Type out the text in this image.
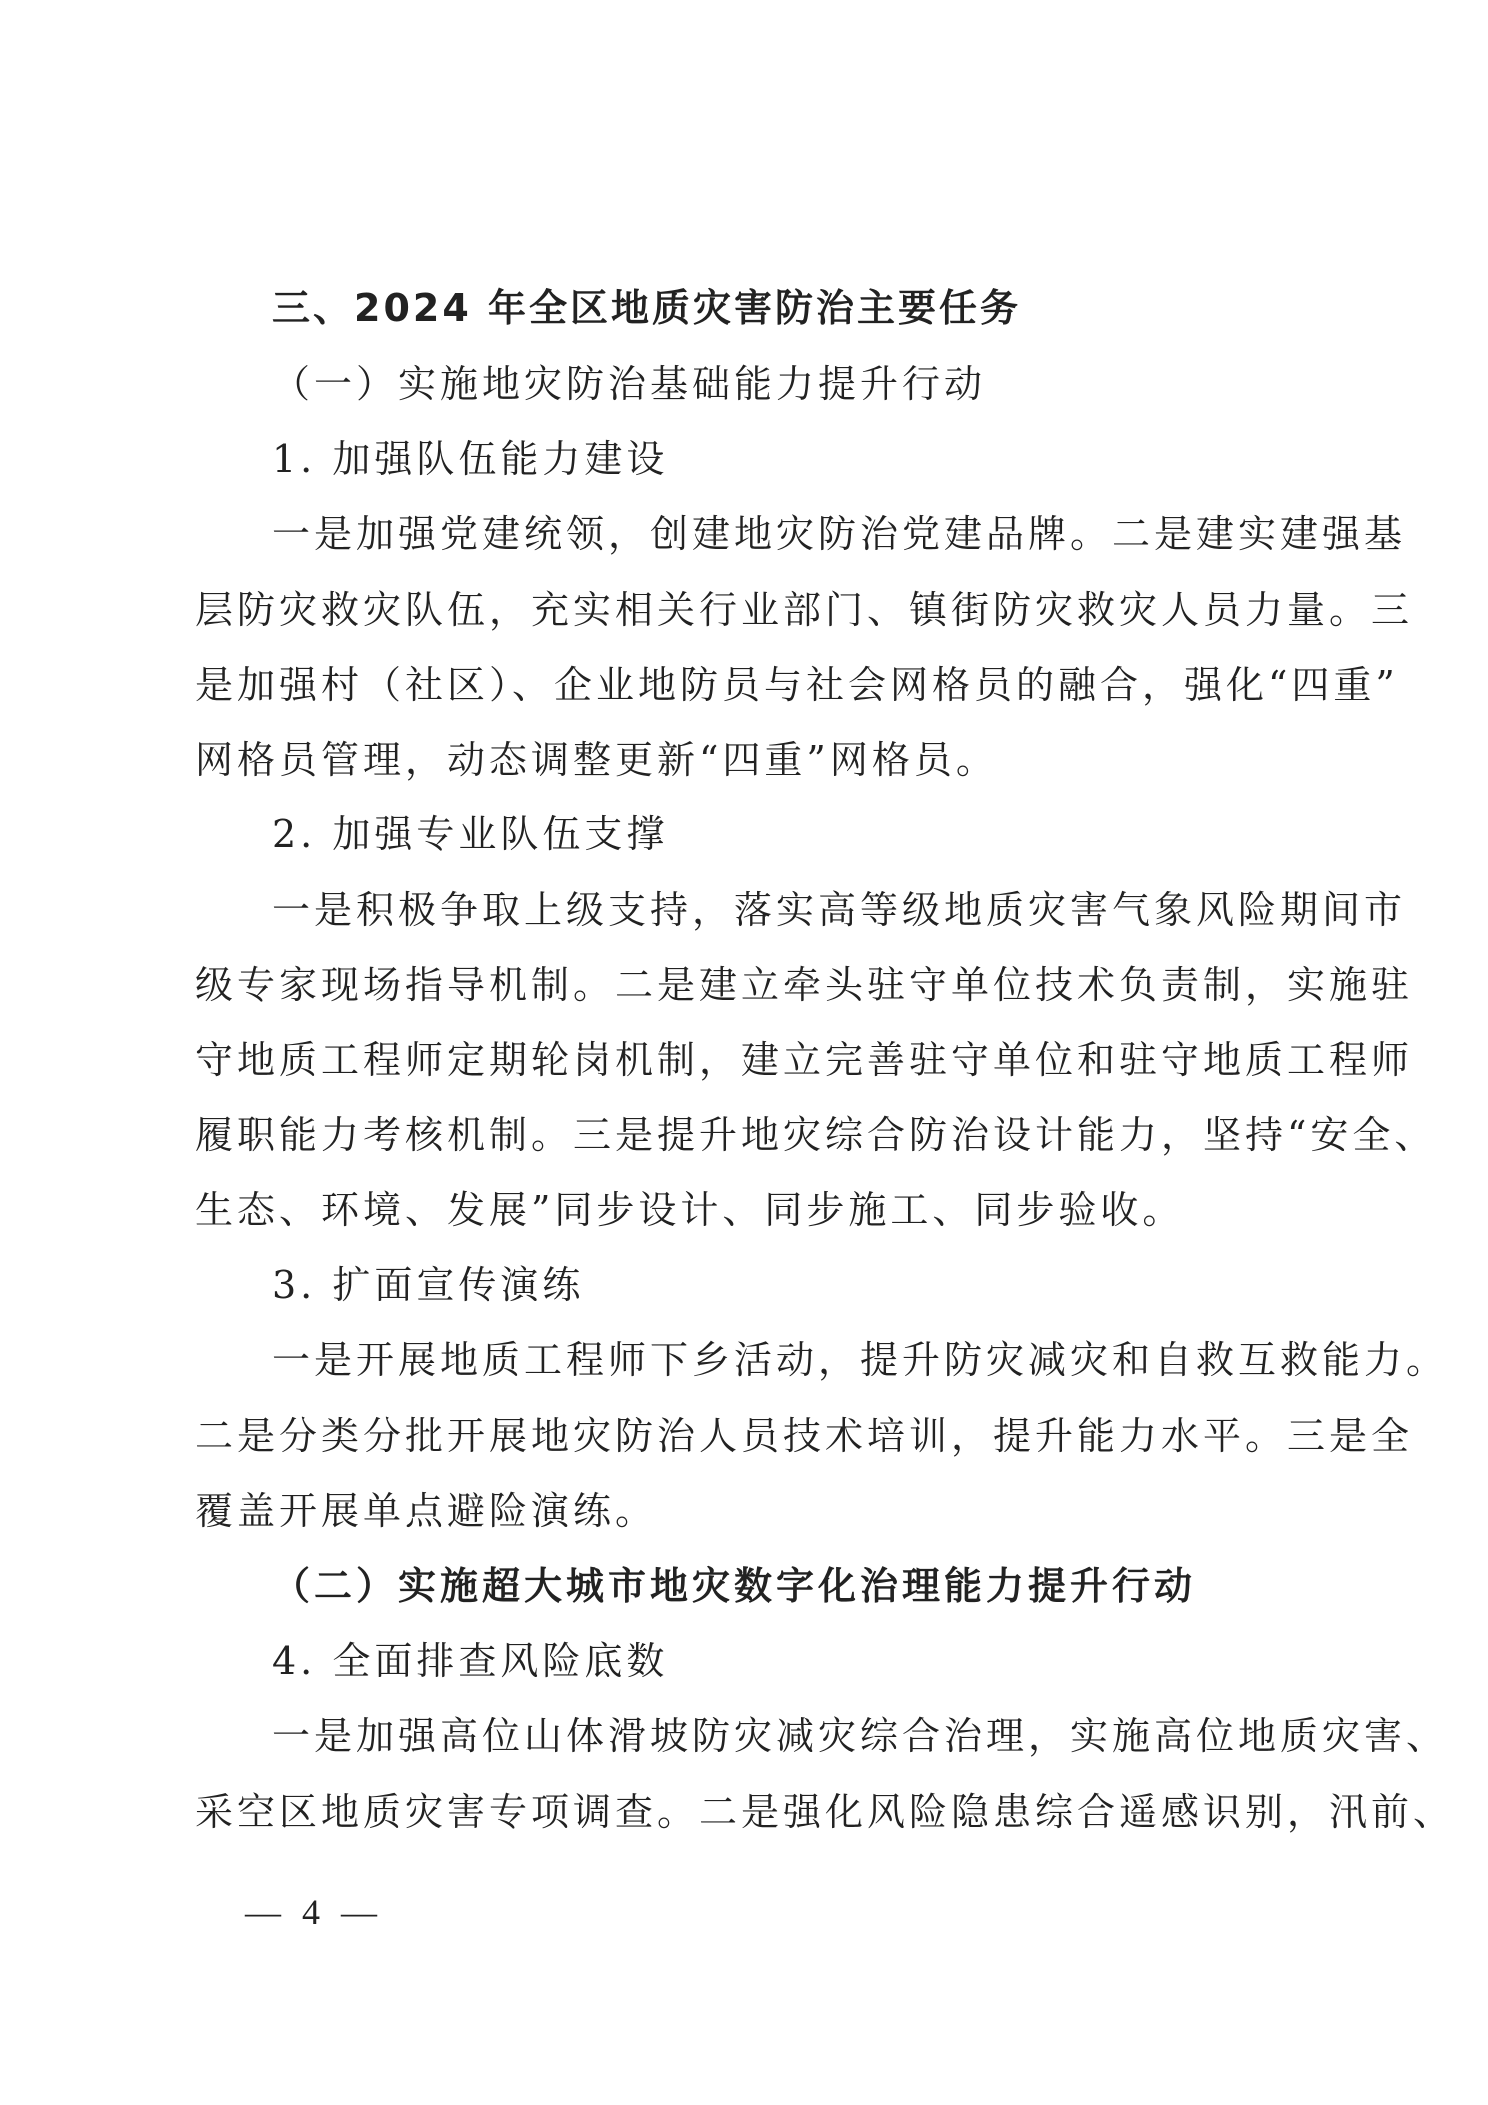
三、2024 年全区地质灾害防治主要任务
（一）实施地灾防治基础能力提升行动
1. 加强队伍能力建设
一是加强党建统领，创建地灾防治党建品牌。二是建实建强基
层防灾救灾队伍，充实相关行业部门、镇街防灾救灾人员力量。三
是加强村（社区）、企业地防员与社会网格员的融合，强化“四重”
网格员管理，动态调整更新“四重”网格员。
2. 加强专业队伍支撑
一是积极争取上级支持，落实高等级地质灾害气象风险期间市
级专家现场指导机制。二是建立牵头驻守单位技术负责制，实施驻
守地质工程师定期轮岗机制，建立完善驻守单位和驻守地质工程师
履职能力考核机制。三是提升地灾综合防治设计能力，坚持“安全、
生态、环境、发展”同步设计、同步施工、同步验收。
3. 扩面宣传演练
一是开展地质工程师下乡活动，提升防灾减灾和自救互救能力。
二是分类分批开展地灾防治人员技术培训，提升能力水平。三是全
覆盖开展单点避险演练。
（二）实施超大城市地灾数字化治理能力提升行动
4. 全面排查风险底数
一是加强高位山体滑坡防灾减灾综合治理，实施高位地质灾害、
采空区地质灾害专项调查。二是强化风险隐患综合遥感识别，汛前、
— 4 —
